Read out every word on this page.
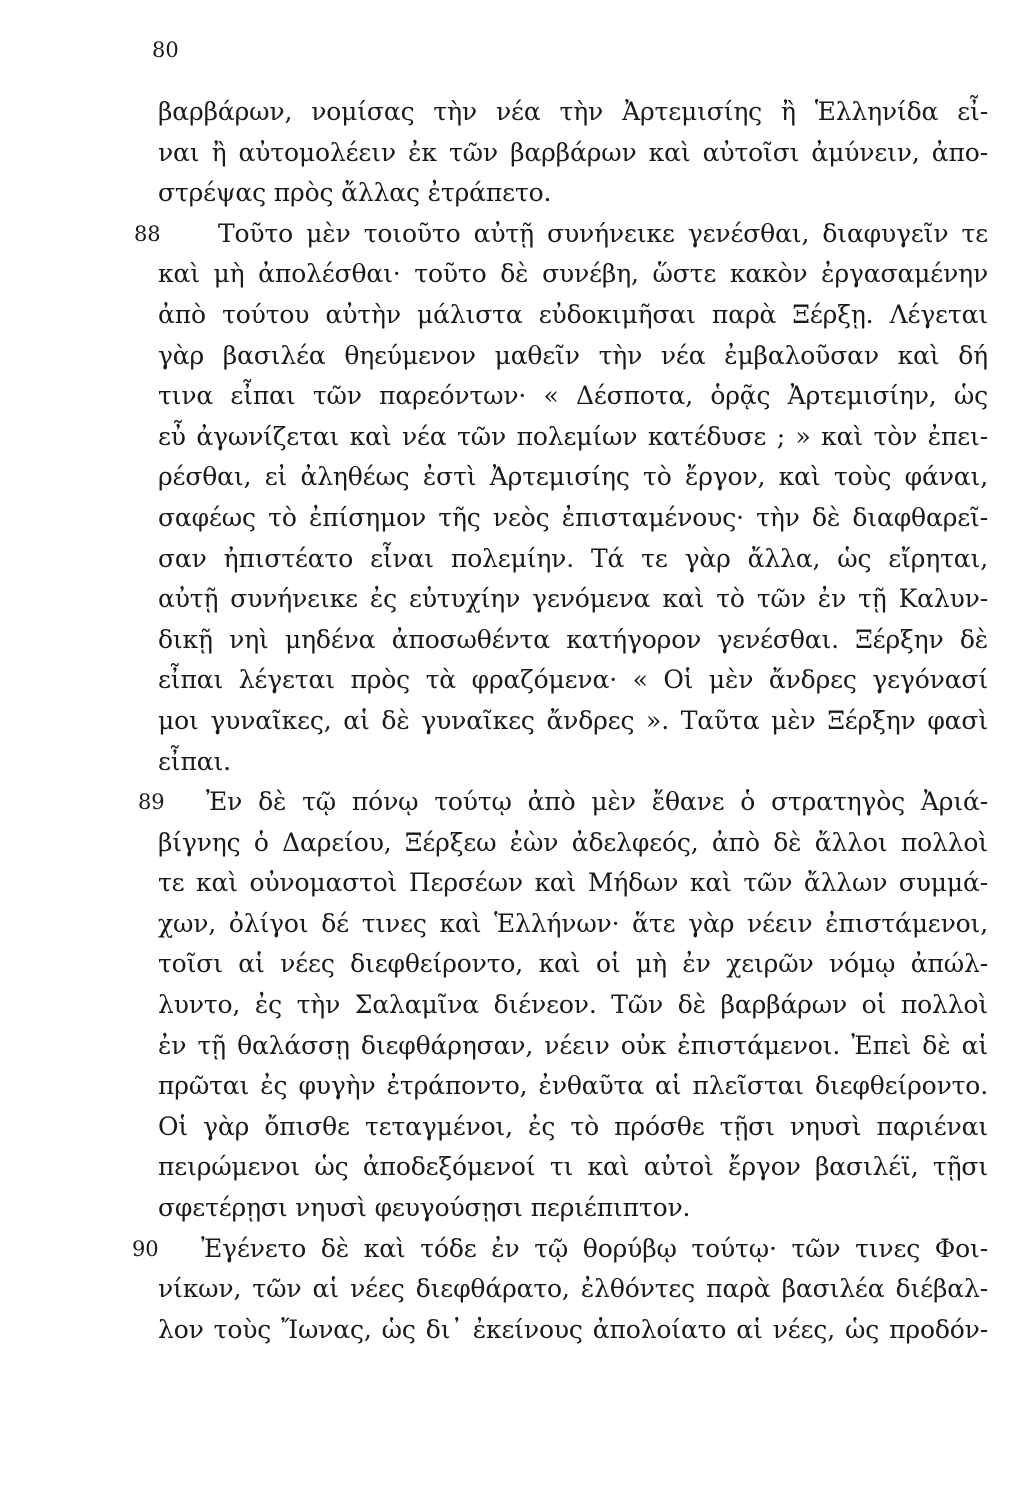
80
βαρβάρων, νομίσας τὴν νέα τὴν Ἀρτεμισίης ἢ Ἑλληνίδα εἶ-
ναι ἢ αὐτομολέειν ἐκ τῶν βαρβάρων καὶ αὐτοῖσι ἀμύνειν, ἀπο-
στρέψας πρὸς ἄλλας ἐτράπετο.
88 Τοῦτο μὲν τοιοῦτο αὐτῇ συνήνεικε γενέσθαι, διαφυγεῖν τε
καὶ μὴ ἀπολέσθαι· τοῦτο δὲ συνέβη, ὥστε κακὸν ἐργασαμένην
ἀπὸ τούτου αὐτὴν μάλιστα εὐδοκιμῆσαι παρὰ Ξέρξῃ. Λέγεται
γὰρ βασιλέα θηεύμενον μαθεῖν τὴν νέα ἐμβαλοῦσαν καὶ δή
τινα εἶπαι τῶν παρεόντων· « Δέσποτα, ὁρᾷς Ἀρτεμισίην, ὡς
εὖ ἀγωνίζεται καὶ νέα τῶν πολεμίων κατέδυσε ; » καὶ τὸν ἐπει-
ρέσθαι, εἰ ἀληθέως ἐστὶ Ἀρτεμισίης τὸ ἔργον, καὶ τοὺς φάναι,
σαφέως τὸ ἐπίσημον τῆς νεὸς ἐπισταμένους· τὴν δὲ διαφθαρεῖ-
σαν ἠπιστέατο εἶναι πολεμίην. Τά τε γὰρ ἄλλα, ὡς εἴρηται,
αὐτῇ συνήνεικε ἐς εὐτυχίην γενόμενα καὶ τὸ τῶν ἐν τῇ Καλυν-
δικῇ νηὶ μηδένα ἀποσωθέντα κατήγορον γενέσθαι. Ξέρξην δὲ
εἶπαι λέγεται πρὸς τὰ φραζόμενα· « Οἱ μὲν ἄνδρες γεγόνασί
μοι γυναῖκες, αἱ δὲ γυναῖκες ἄνδρες ». Ταῦτα μὲν Ξέρξην φασὶ
εἶπαι.
89 Ἐν δὲ τῷ πόνῳ τούτῳ ἀπὸ μὲν ἔθανε ὁ στρατηγὸς Ἀριά-
βίγνης ὁ Δαρείου, Ξέρξεω ἐὼν ἀδελφεός, ἀπὸ δὲ ἄλλοι πολλοὶ
τε καὶ οὐνομαστοὶ Περσέων καὶ Μήδων καὶ τῶν ἄλλων συμμά-
χων, ὀλίγοι δέ τινες καὶ Ἑλλήνων· ἅτε γὰρ νέειν ἐπιστάμενοι,
τοῖσι αἱ νέες διεφθείροντο, καὶ οἱ μὴ ἐν χειρῶν νόμῳ ἀπώλ-
λυντο, ἐς τὴν Σαλαμῖνα διένεον. Τῶν δὲ βαρβάρων οἱ πολλοὶ
ἐν τῇ θαλάσσῃ διεφθάρησαν, νέειν οὐκ ἐπιστάμενοι. Ἐπεὶ δὲ αἱ
πρῶται ἐς φυγὴν ἐτράποντο, ἐνθαῦτα αἱ πλεῖσται διεφθείροντο.
Οἱ γὰρ ὄπισθε τεταγμένοι, ἐς τὸ πρόσθε τῇσι νηυσὶ παριέναι
πειρώμενοι ὡς ἀποδεξόμενοί τι καὶ αὐτοὶ ἔργον βασιλέϊ, τῇσι
σφετέρῃσι νηυσὶ φευγούσῃσι περιέπιπτον.
90 Ἐγένετο δὲ καὶ τόδε ἐν τῷ θορύβῳ τούτῳ· τῶν τινες Φοι-
νίκων, τῶν αἱ νέες διεφθάρατο, ἐλθόντες παρὰ βασιλέα διέβαλ-
λον τοὺς Ἴωνας, ὡς δι᾽ ἐκείνους ἀπολοίατο αἱ νέες, ὡς προδόν-
